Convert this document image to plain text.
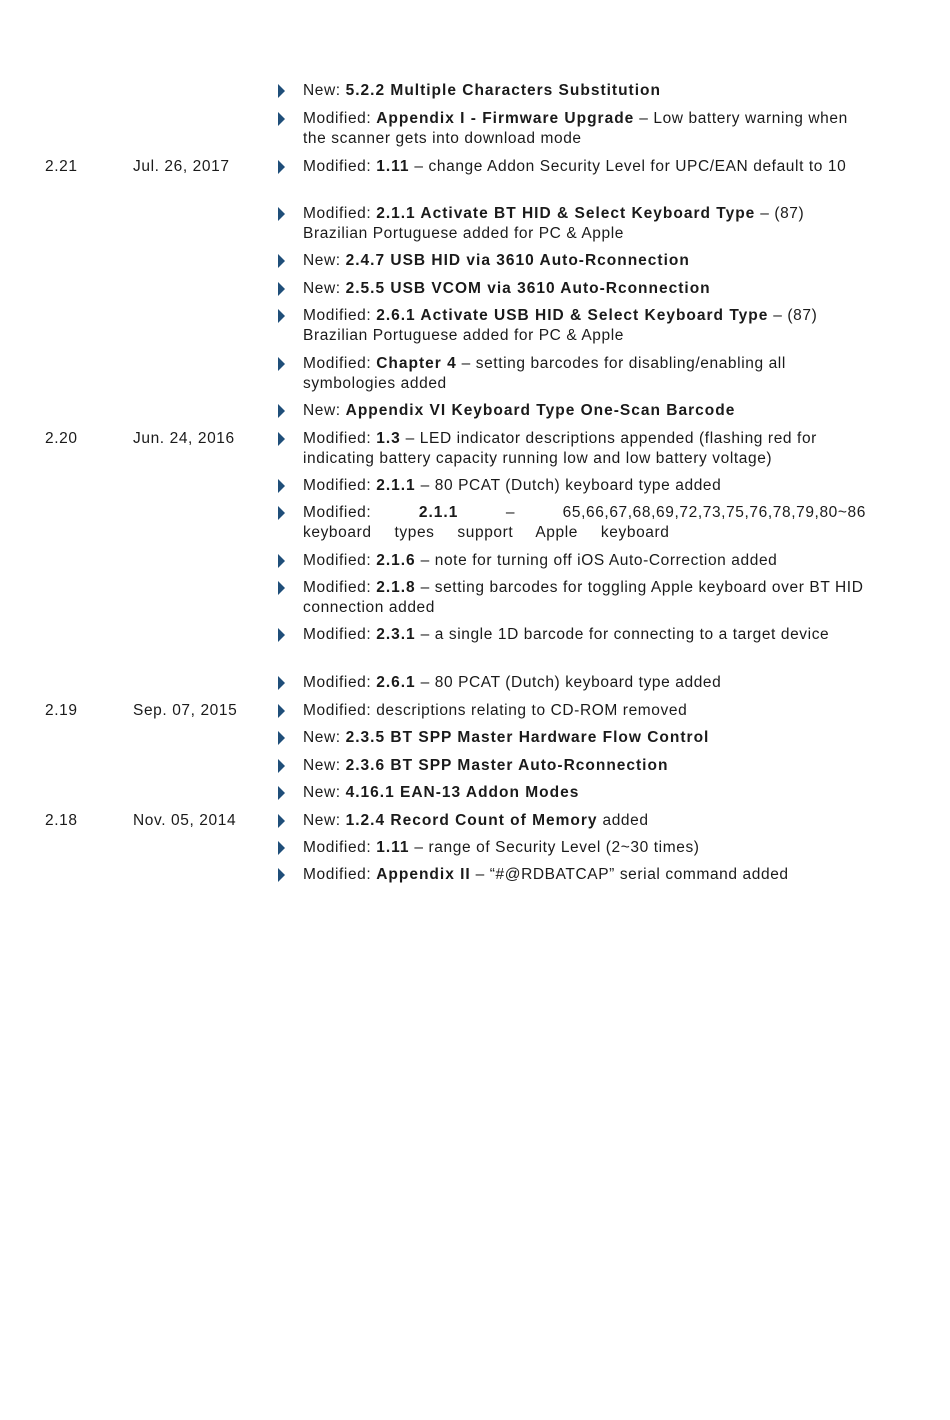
New: 5.2.2 Multiple Characters Substitution
Modified: Appendix I - Firmware Upgrade – Low battery warning when the scanner gets into download mode
2.21	Jul. 26, 2017	Modified: 1.11 – change Addon Security Level for UPC/EAN default to 10
Modified: 2.1.1 Activate BT HID & Select Keyboard Type – (87) Brazilian Portuguese added for PC & Apple
New: 2.4.7 USB HID via 3610 Auto-Rconnection
New: 2.5.5 USB VCOM via 3610 Auto-Rconnection
Modified: 2.6.1 Activate USB HID & Select Keyboard Type – (87) Brazilian Portuguese added for PC & Apple
Modified: Chapter 4 – setting barcodes for disabling/enabling all symbologies added
New: Appendix VI Keyboard Type One-Scan Barcode
2.20	Jun. 24, 2016	Modified: 1.3 – LED indicator descriptions appended (flashing red for indicating battery capacity running low and low battery voltage)
Modified: 2.1.1 – 80 PCAT (Dutch) keyboard type added
Modified: 2.1.1 – 65,66,67,68,69,72,73,75,76,78,79,80~86 keyboard types support Apple keyboard
Modified: 2.1.6 – note for turning off iOS Auto-Correction added
Modified: 2.1.8 – setting barcodes for toggling Apple keyboard over BT HID connection added
Modified: 2.3.1 – a single 1D barcode for connecting to a target device
Modified: 2.6.1 – 80 PCAT (Dutch) keyboard type added
2.19	Sep. 07, 2015	Modified: descriptions relating to CD-ROM removed
New: 2.3.5 BT SPP Master Hardware Flow Control
New: 2.3.6 BT SPP Master Auto-Rconnection
New: 4.16.1 EAN-13 Addon Modes
2.18	Nov. 05, 2014	New: 1.2.4 Record Count of Memory added
Modified: 1.11 – range of Security Level (2~30 times)
Modified: Appendix II – “#@RDBATCAP” serial command added
